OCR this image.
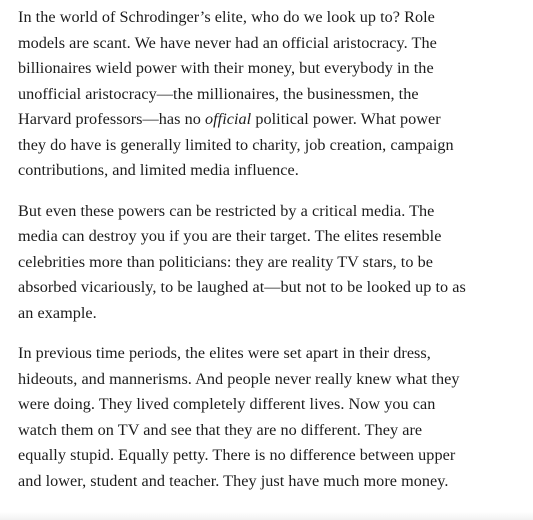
In the world of Schrodinger’s elite, who do we look up to? Role
models are scant. We have never had an official aristocracy. The
billionaires wield power with their money, but everybody in the
unofficial aristocracy—the millionaires, the businessmen, the
Harvard professors—has no official political power. What power
they do have is generally limited to charity, job creation, campaign
contributions, and limited media influence.

But even these powers can be restricted by a critical media. The
media can destroy you if you are their target. The elites resemble
celebrities more than politicians: they are reality TV stars, to be
absorbed vicariously, to be laughed at—but not to be looked up to as
an example.

In previous time periods, the elites were set apart in their dress,
hideouts, and mannerisms. And people never really knew what they
were doing. They lived completely different lives. Now you can
watch them on TV and see that they are no different. They are
equally stupid. Equally petty. There is no difference between upper
and lower, student and teacher. They just have much more money.
